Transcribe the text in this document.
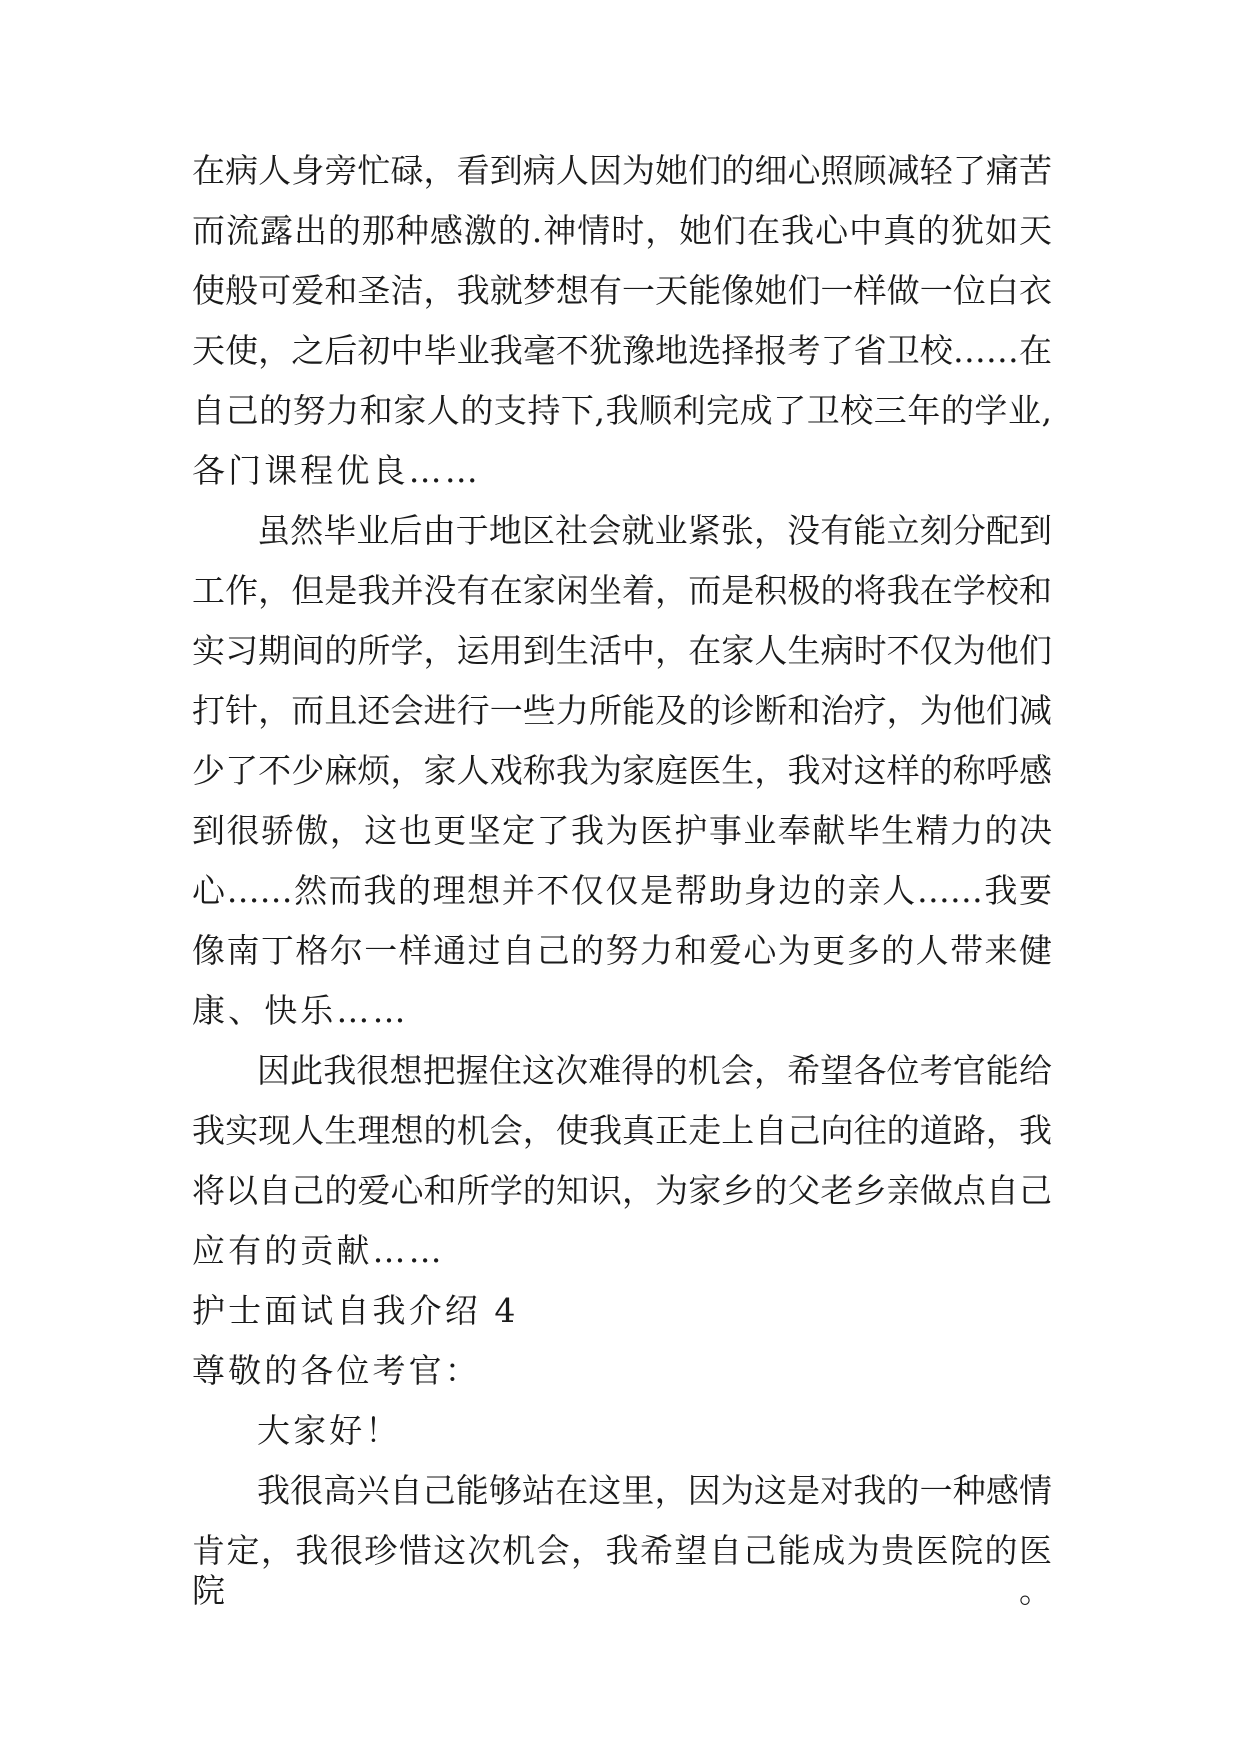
在病人身旁忙碌，看到病人因为她们的细心照顾减轻了痛苦
而流露出的那种感激的.神情时，她们在我心中真的犹如天
使般可爱和圣洁，我就梦想有一天能像她们一样做一位白衣
天使，之后初中毕业我毫不犹豫地选择报考了省卫校……在
自己的努力和家人的支持下,我顺利完成了卫校三年的学业,
各门课程优良……
虽然毕业后由于地区社会就业紧张，没有能立刻分配到
工作，但是我并没有在家闲坐着，而是积极的将我在学校和
实习期间的所学，运用到生活中，在家人生病时不仅为他们
打针，而且还会进行一些力所能及的诊断和治疗，为他们减
少了不少麻烦，家人戏称我为家庭医生，我对这样的称呼感
到很骄傲，这也更坚定了我为医护事业奉献毕生精力的决
心……然而我的理想并不仅仅是帮助身边的亲人……我要
像南丁格尔一样通过自己的努力和爱心为更多的人带来健
康、快乐……
因此我很想把握住这次难得的机会，希望各位考官能给
我实现人生理想的机会，使我真正走上自己向往的道路，我
将以自己的爱心和所学的知识，为家乡的父老乡亲做点自己
应有的贡献……
护士面试自我介绍 4
尊敬的各位考官：
大家好！
我很高兴自己能够站在这里，因为这是对我的一种感情
肯定，我很珍惜这次机会，我希望自己能成为贵医院的医院。
